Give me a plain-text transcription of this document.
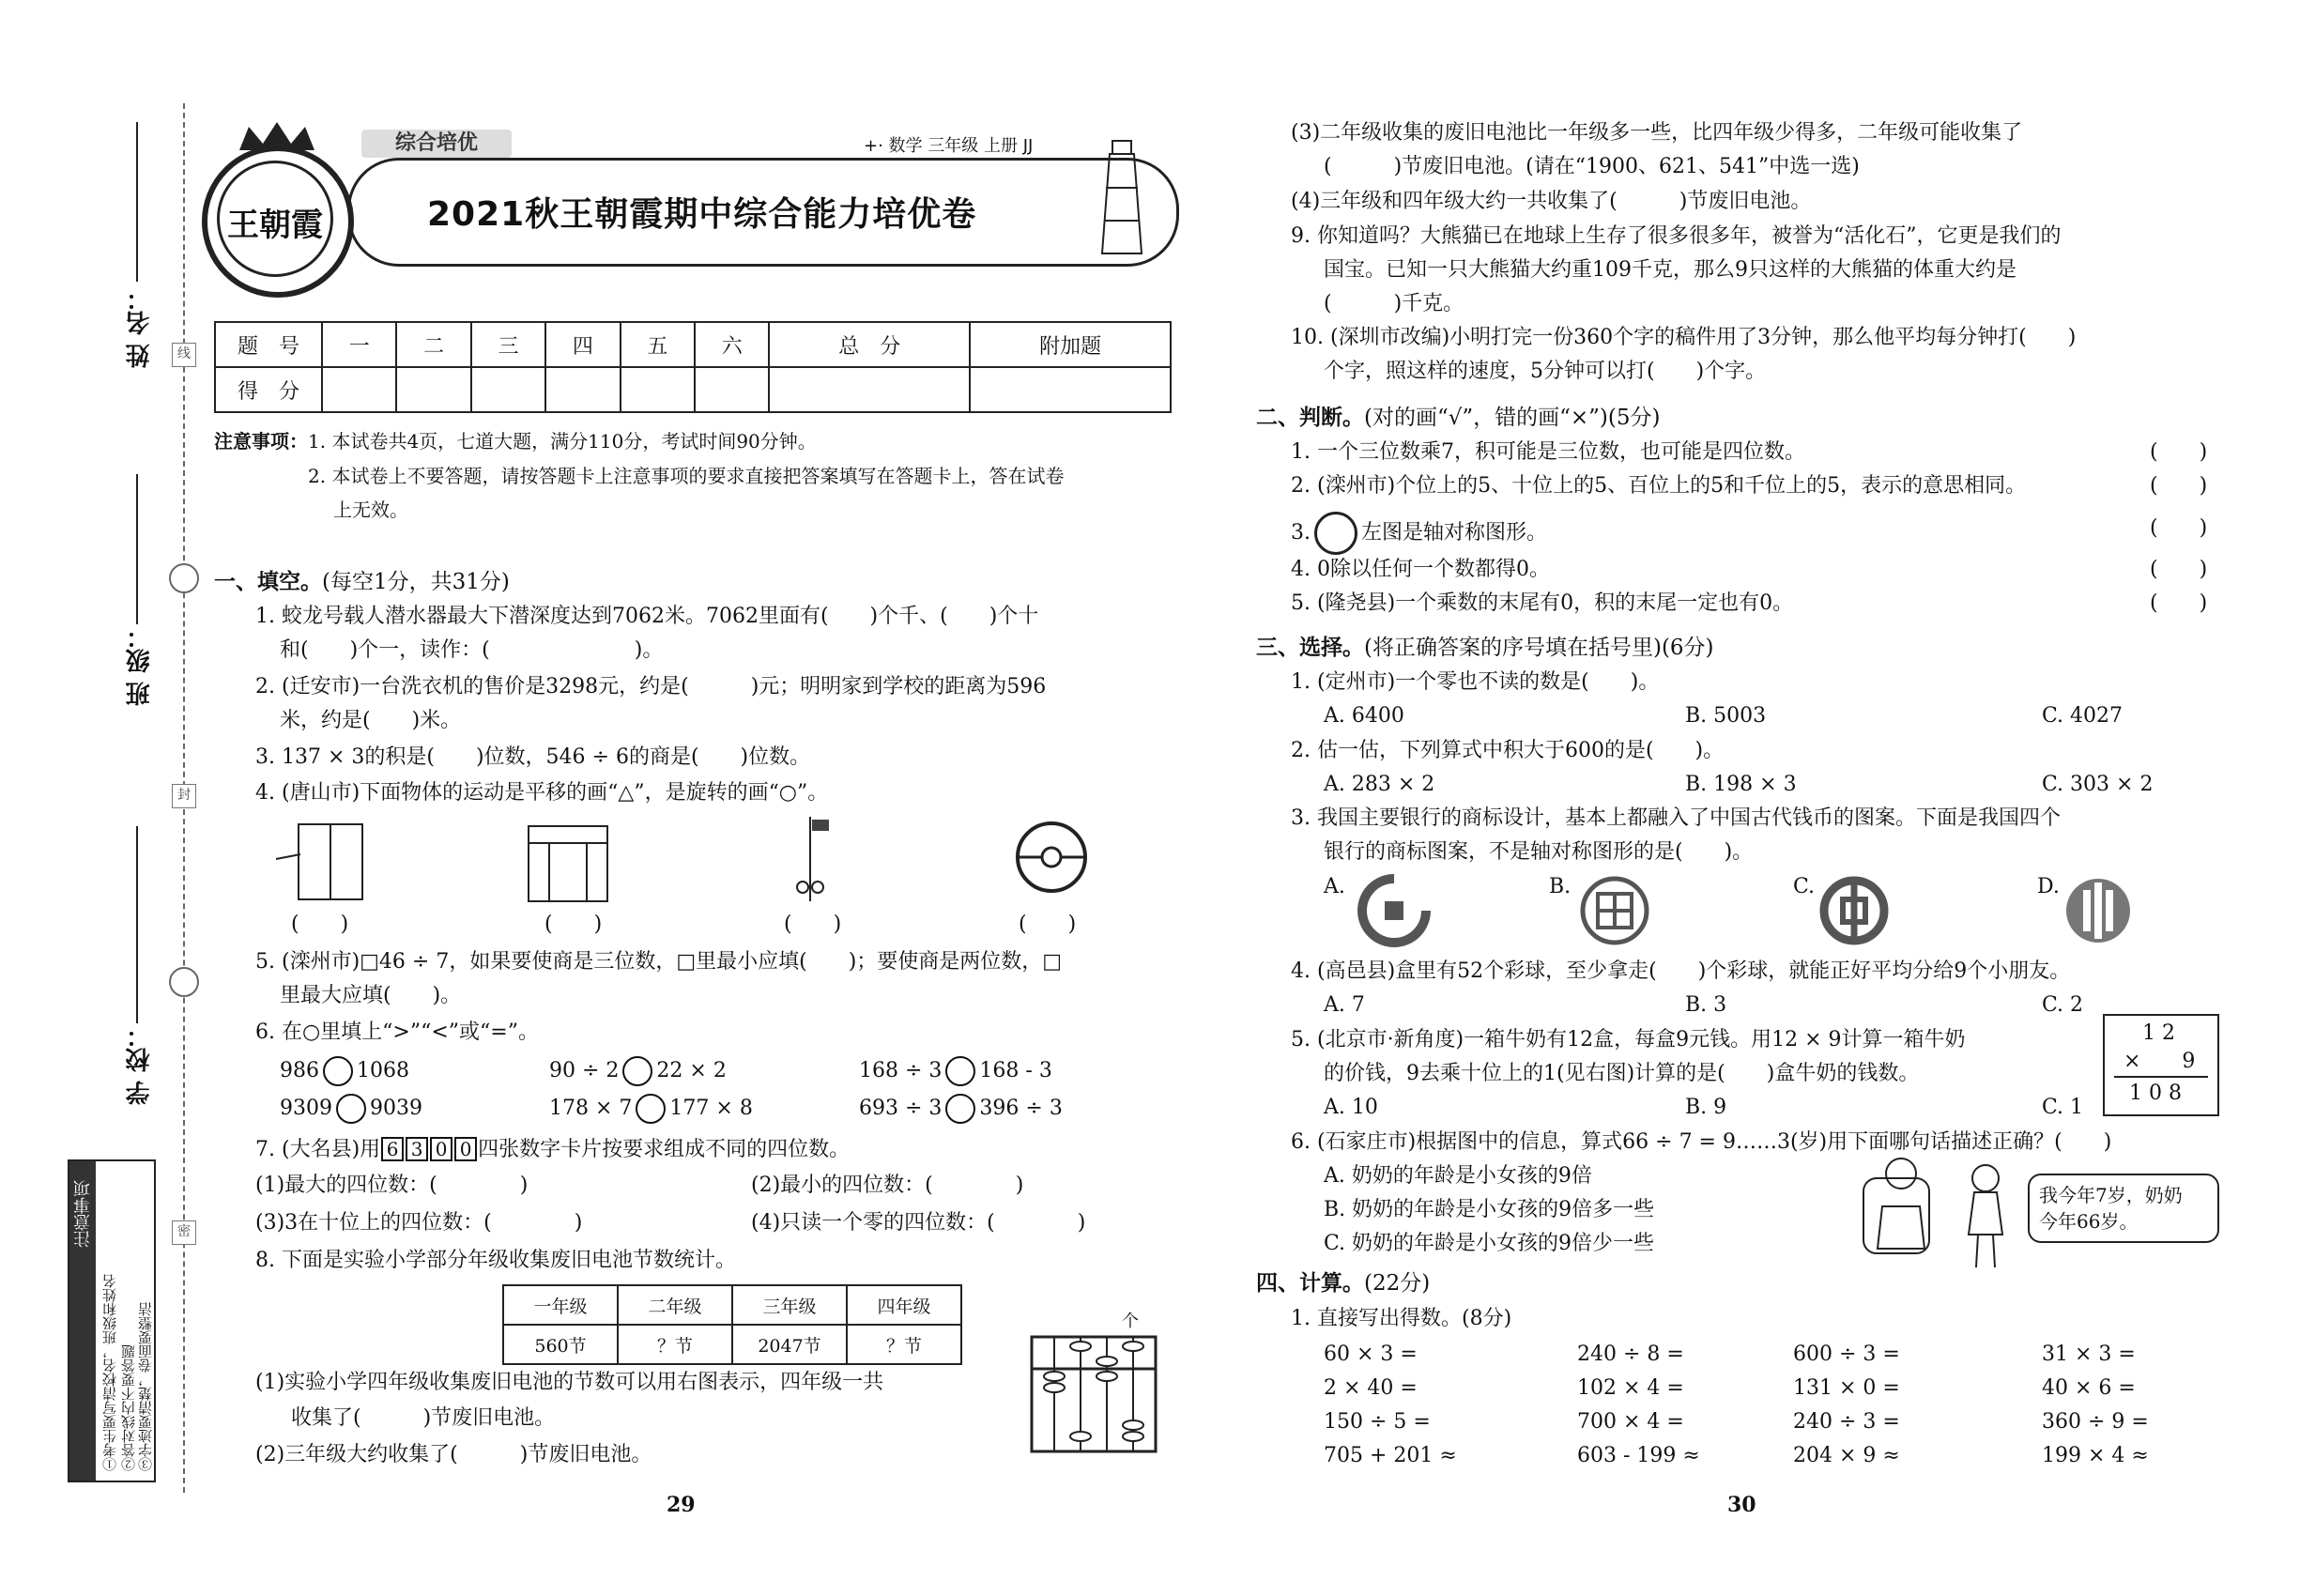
线
封
密
姓 名：
班 级：
学 校：
注意事项
①考生要写清校名，班级和姓名 ②答对线内不要答题 ③字迹要清楚，卷面要整洁
综合培优	+· 数学 三年级 上册 JJ
2021秋王朝霞期中综合能力培优卷
王朝霞
题　号	一	二	三	四	五	六	总　分	附加题
得　分								
注意事项：1. 本试卷共4页，七道大题，满分110分，考试时间90分钟。
2. 本试卷上不要答题，请按答题卡上注意事项的要求直接把答案填写在答题卡上，答在试卷
上无效。
一、填空。(每空1分，共31分)
1. 蛟龙号载人潜水器最大下潜深度达到7062米。7062里面有(　　)个千、(　　)个十
和(　　)个一，读作：(　　　　　　　)。
2. (迁安市)一台洗衣机的售价是3298元，约是(　　　)元；明明家到学校的距离为596
米，约是(　　)米。
3. 137 × 3的积是(　　)位数，546 ÷ 6的商是(　　)位数。
4. (唐山市)下面物体的运动是平移的画“△”，是旋转的画“○”。
(　　)	(　　)	(　　)	(　　)
5. (滦州市)□46 ÷ 7，如果要使商是三位数，□里最小应填(　　)；要使商是两位数，□
里最大应填(　　)。
6. 在○里填上“>”“<”或“=”。
986 1068	90 ÷ 2 22 × 2	168 ÷ 3 168 - 3
9309 9039	178 × 7 177 × 8	693 ÷ 3 396 ÷ 3
7. (大名县)用 6 3 0 0 四张数字卡片按要求组成不同的四位数。
(1)最大的四位数：(　　　　)	(2)最小的四位数：(　　　　)
(3)3在十位上的四位数：(　　　　)	(4)只读一个零的四位数：(　　　　)
8. 下面是实验小学部分年级收集废旧电池节数统计。
一年级	二年级	三年级	四年级
560节	？节	2047节	？节
个
(1)实验小学四年级收集废旧电池的节数可以用右图表示，四年级一共
收集了(　　　)节废旧电池。
(2)三年级大约收集了(　　　)节废旧电池。
29
(3)二年级收集的废旧电池比一年级多一些，比四年级少得多，二年级可能收集了
(　　　)节废旧电池。(请在“1900、621、541”中选一选)
(4)三年级和四年级大约一共收集了(　　　)节废旧电池。
9. 你知道吗？大熊猫已在地球上生存了很多很多年，被誉为“活化石”，它更是我们的
国宝。已知一只大熊猫大约重109千克，那么9只这样的大熊猫的体重大约是
(　　　)千克。
10. (深圳市改编)小明打完一份360个字的稿件用了3分钟，那么他平均每分钟打(　　)
个字，照这样的速度，5分钟可以打(　　)个字。
二、判断。(对的画“√”，错的画“×”)(5分)
1. 一个三位数乘7，积可能是三位数，也可能是四位数。	(　　)
2. (滦州市)个位上的5、十位上的5、百位上的5和千位上的5，表示的意思相同。	(　　)
3. 左图是轴对称图形。	(　　)
4. 0除以任何一个数都得0。	(　　)
5. (隆尧县)一个乘数的末尾有0，积的末尾一定也有0。	(　　)
三、选择。(将正确答案的序号填在括号里)(6分)
1. (定州市)一个零也不读的数是(　　)。
A. 6400	B. 5003	C. 4027
2. 估一估，下列算式中积大于600的是(　　)。
A. 283 × 2	B. 198 × 3	C. 303 × 2
3. 我国主要银行的商标设计，基本上都融入了中国古代钱币的图案。下面是我国四个
银行的商标图案，不是轴对称图形的是(　　)。
A.	B.	C.	D.
4. (高邑县)盒里有52个彩球，至少拿走(　　)个彩球，就能正好平均分给9个小朋友。
A. 7	B. 3	C. 2
5. (北京市·新角度)一箱牛奶有12盒，每盒9元钱。用12 × 9计算一箱牛奶
的价钱，9去乘十位上的1(见右图)计算的是(　　)盒牛奶的钱数。
A. 10	B. 9	C. 1
1 2
×　　9
1 0 8
6. (石家庄市)根据图中的信息，算式66 ÷ 7 = 9……3(岁)用下面哪句话描述正确？(　　)
A. 奶奶的年龄是小女孩的9倍
B. 奶奶的年龄是小女孩的9倍多一些
C. 奶奶的年龄是小女孩的9倍少一些
我今年7岁，奶奶
今年66岁。
四、计算。(22分)
1. 直接写出得数。(8分)
60 × 3 =	240 ÷ 8 =	600 ÷ 3 =	31 × 3 =
2 × 40 =	102 × 4 =	131 × 0 =	40 × 6 =
150 ÷ 5 =	700 × 4 =	240 ÷ 3 =	360 ÷ 9 =
705 + 201 ≈	603 - 199 ≈	204 × 9 ≈	199 × 4 ≈
30
